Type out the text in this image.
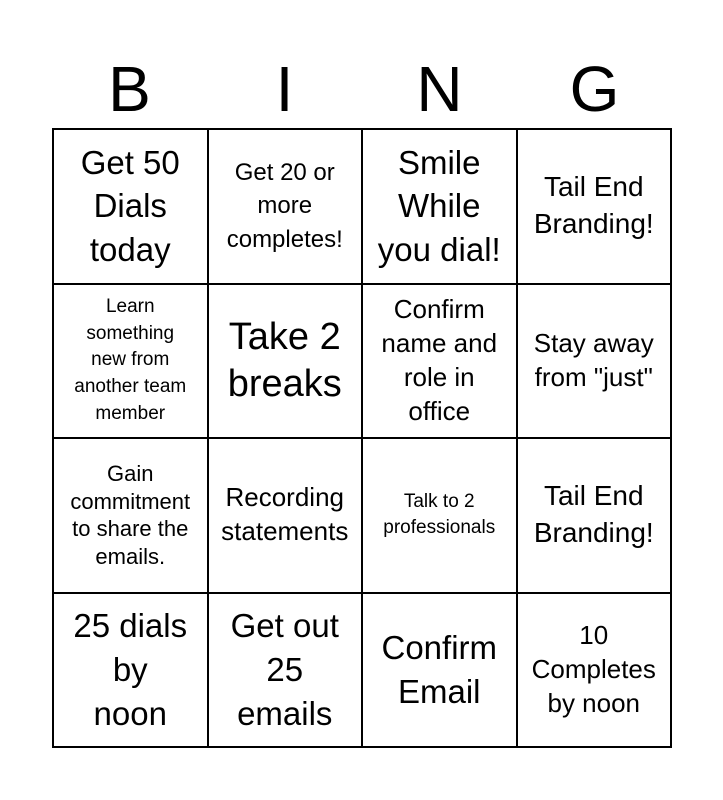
B	I	N	G
Get 50
Dials
today
Get 20 or
more
completes!
Smile
While
you dial!
Tail End
Branding!
Learn
something
new from
another team
member
Take 2
breaks
Confirm
name and
role in
office
Stay away
from "just"
Gain
commitment
to share the
emails.
Recording
statements
Talk to 2
professionals
Tail End
Branding!
25 dials
by
noon
Get out
25
emails
Confirm
Email
10
Completes
by noon
